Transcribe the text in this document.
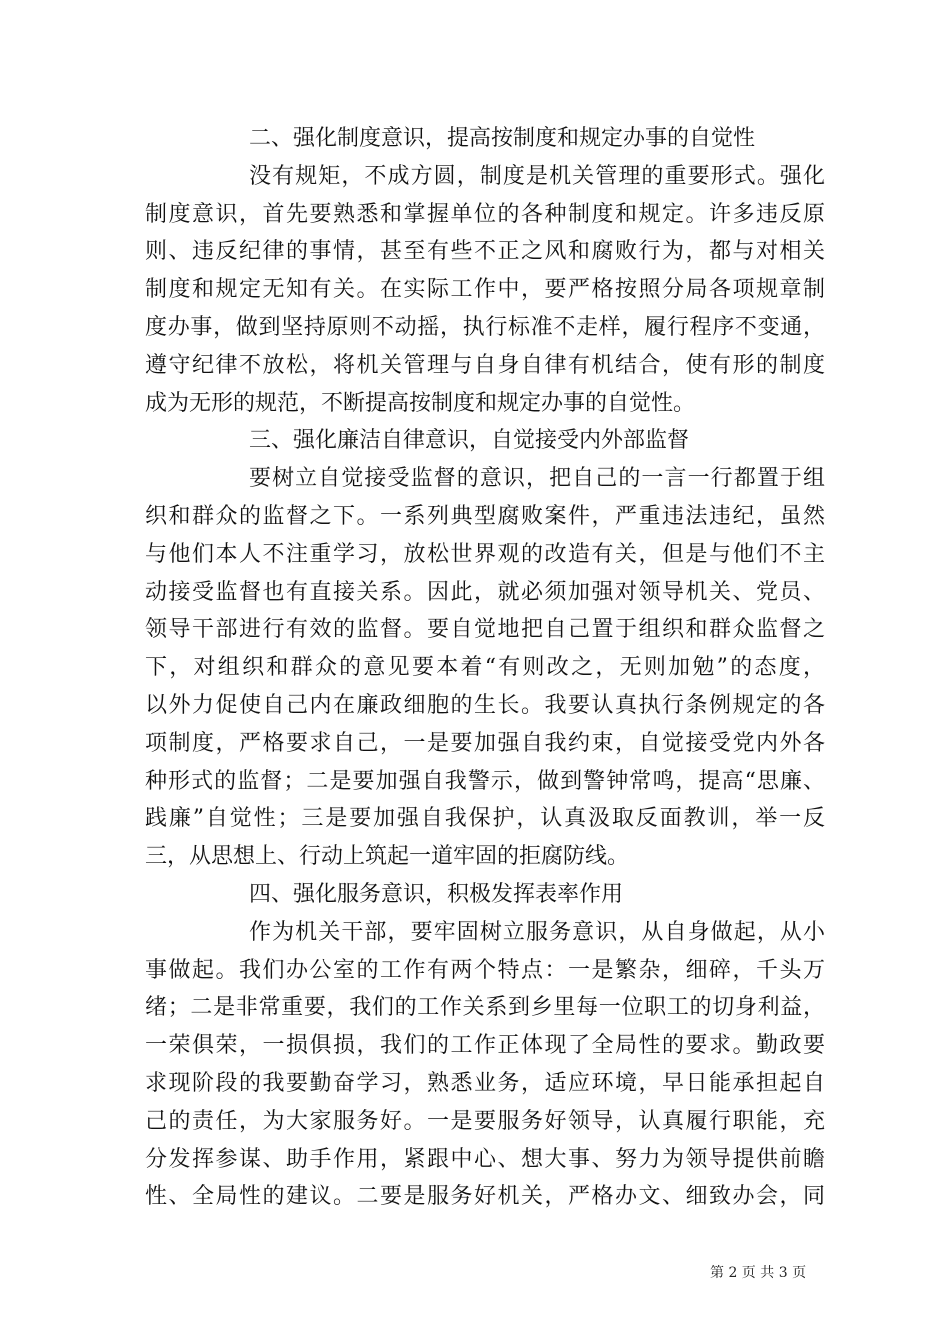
二、强化制度意识，提高按制度和规定办事的自觉性
没有规矩，不成方圆，制度是机关管理的重要形式。强化
制度意识，首先要熟悉和掌握单位的各种制度和规定。许多违反原
则、违反纪律的事情，甚至有些不正之风和腐败行为，都与对相关
制度和规定无知有关。在实际工作中，要严格按照分局各项规章制
度办事，做到坚持原则不动摇，执行标准不走样，履行程序不变通，
遵守纪律不放松，将机关管理与自身自律有机结合，使有形的制度
成为无形的规范，不断提高按制度和规定办事的自觉性。
三、强化廉洁自律意识，自觉接受内外部监督
要树立自觉接受监督的意识，把自己的一言一行都置于组
织和群众的监督之下。一系列典型腐败案件，严重违法违纪，虽然
与他们本人不注重学习，放松世界观的改造有关，但是与他们不主
动接受监督也有直接关系。因此，就必须加强对领导机关、党员、
领导干部进行有效的监督。要自觉地把自己置于组织和群众监督之
下，对组织和群众的意见要本着“有则改之，无则加勉”的态度，
以外力促使自己内在廉政细胞的生长。我要认真执行条例规定的各
项制度，严格要求自己，一是要加强自我约束，自觉接受党内外各
种形式的监督；二是要加强自我警示，做到警钟常鸣，提高“思廉、
践廉”自觉性；三是要加强自我保护，认真汲取反面教训，举一反
三，从思想上、行动上筑起一道牢固的拒腐防线。
四、强化服务意识，积极发挥表率作用
作为机关干部，要牢固树立服务意识，从自身做起，从小
事做起。我们办公室的工作有两个特点：一是繁杂，细碎，千头万
绪；二是非常重要，我们的工作关系到乡里每一位职工的切身利益，
一荣俱荣，一损俱损，我们的工作正体现了全局性的要求。勤政要
求现阶段的我要勤奋学习，熟悉业务，适应环境，早日能承担起自
己的责任，为大家服务好。一是要服务好领导，认真履行职能，充
分发挥参谋、助手作用，紧跟中心、想大事、努力为领导提供前瞻
性、全局性的建议。二要是服务好机关，严格办文、细致办会，同
第 2 页 共 3 页
